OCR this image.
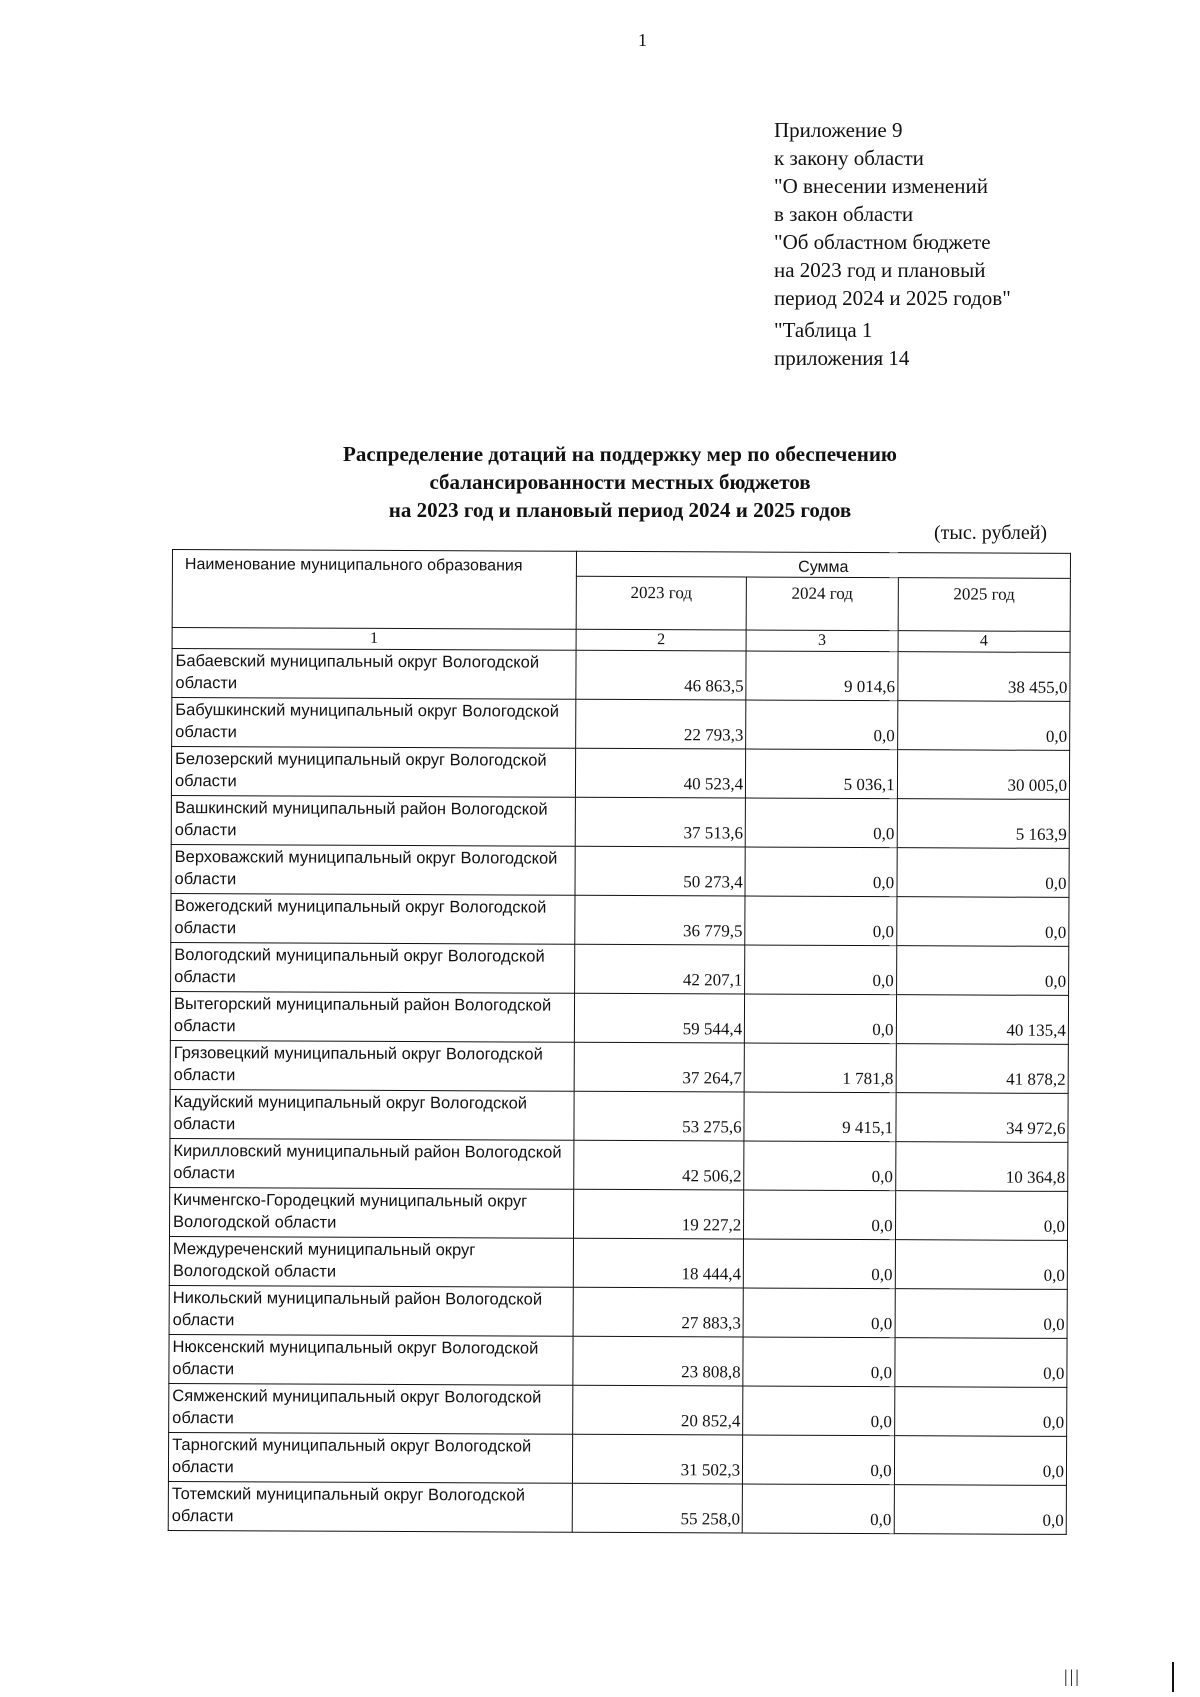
1
Приложение 9
к закону области
"О внесении изменений
в закон области
"Об областном бюджете
на 2023 год и плановый
период 2024 и 2025 годов"
"Таблица 1
приложения 14
Распределение дотаций на поддержку мер по обеспечению
сбалансированности местных бюджетов
на 2023 год и плановый период 2024 и 2025 годов
(тыс. рублей)
Наименование муниципального образования	Сумма		
	2023 год	2024 год	2025 год
1	2	3	4
Бабаевский муниципальный округ Вологодской области	46 863,5	9 014,6	38 455,0
Бабушкинский муниципальный округ Вологодской области	22 793,3	0,0	0,0
Белозерский муниципальный округ Вологодской области	40 523,4	5 036,1	30 005,0
Вашкинский муниципальный район Вологодской области	37 513,6	0,0	5 163,9
Верховажский муниципальный округ Вологодской области	50 273,4	0,0	0,0
Вожегодский муниципальный округ Вологодской области	36 779,5	0,0	0,0
Вологодский муниципальный округ Вологодской области	42 207,1	0,0	0,0
Вытегорский муниципальный район Вологодской области	59 544,4	0,0	40 135,4
Грязовецкий муниципальный округ Вологодской области	37 264,7	1 781,8	41 878,2
Кадуйский муниципальный округ Вологодской области	53 275,6	9 415,1	34 972,6
Кирилловский муниципальный район Вологодской области	42 506,2	0,0	10 364,8
Кичменгско-Городецкий муниципальный округ Вологодской области	19 227,2	0,0	0,0
Междуреченский муниципальный округ Вологодской области	18 444,4	0,0	0,0
Никольский муниципальный район Вологодской области	27 883,3	0,0	0,0
Нюксенский муниципальный округ Вологодской области	23 808,8	0,0	0,0
Сямженский муниципальный округ Вологодской области	20 852,4	0,0	0,0
Тарногский муниципальный округ Вологодской области	31 502,3	0,0	0,0
Тотемский муниципальный округ Вологодской области	55 258,0	0,0	0,0
|||
